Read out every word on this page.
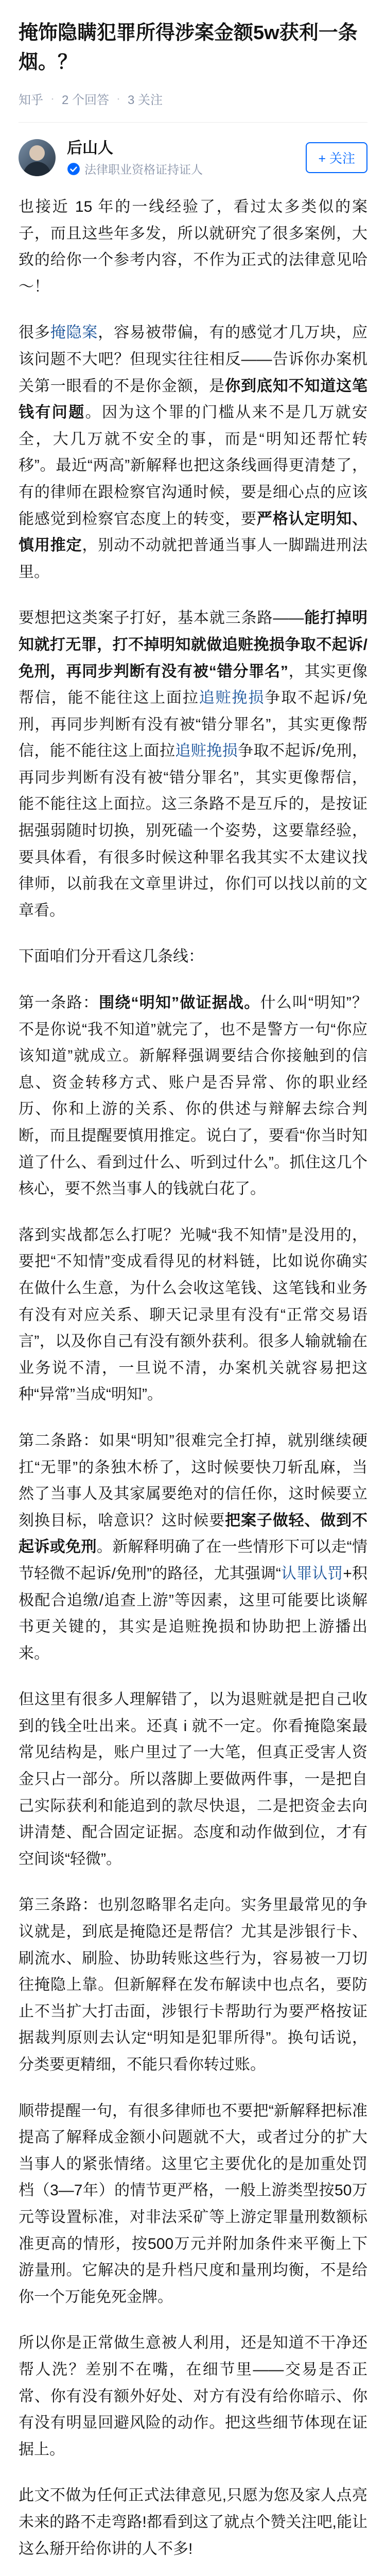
掩饰隐瞒犯罪所得涉案金额5w获利一条烟。？
知乎 · 2 个回答 · 3 关注
后山人
法律职业资格证持证人
+ 关注

也接近 15 年的一线经验了，看过太多类似的案子，而且这些年多发，所以就研究了很多案例，大致的给你一个参考内容，不作为正式的法律意见哈～！

很多掩隐案，容易被带偏，有的感觉才几万块，应该问题不大吧？但现实往往相反——告诉你办案机关第一眼看的不是你金额，是你到底知不知道这笔钱有问题。因为这个罪的门槛从来不是几万就安全，大几万就不安全的事，而是“明知还帮忙转移”。最近“两高”新解释也把这条线画得更清楚了，有的律师在跟检察官沟通时候，要是细心点的应该能感觉到检察官态度上的转变，要严格认定明知、慎用推定，别动不动就把普通当事人一脚踹进刑法里。

要想把这类案子打好，基本就三条路——能打掉明知就打无罪，打不掉明知就做追赃挽损争取不起诉/免刑，再同步判断有没有被“错分罪名”，其实更像帮信，能不能往这上面拉追赃挽损争取不起诉/免刑，再同步判断有没有被“错分罪名”，其实更像帮信，能不能往这上面拉追赃挽损争取不起诉/免刑，再同步判断有没有被“错分罪名”，其实更像帮信，能不能往这上面拉。这三条路不是互斥的，是按证据强弱随时切换，别死磕一个姿势，这要靠经验，要具体看，有很多时候这种罪名我其实不太建议找律师，以前我在文章里讲过，你们可以找以前的文章看。

下面咱们分开看这几条线：

第一条路：围绕“明知”做证据战。什么叫“明知”？不是你说“我不知道”就完了，也不是警方一句“你应该知道”就成立。新解释强调要结合你接触到的信息、资金转移方式、账户是否异常、你的职业经历、你和上游的关系、你的供述与辩解去综合判断，而且提醒要慎用推定。说白了，要看“你当时知道了什么、看到过什么、听到过什么”。抓住这几个核心，要不然当事人的钱就白花了。

落到实战都怎么打呢？光喊“我不知情”是没用的，要把“不知情”变成看得见的材料链，比如说你确实在做什么生意，为什么会收这笔钱、这笔钱和业务有没有对应关系、聊天记录里有没有“正常交易语言”，以及你自己有没有额外获利。很多人输就输在业务说不清，一旦说不清，办案机关就容易把这种“异常”当成“明知”。

第二条路：如果“明知”很难完全打掉，就别继续硬扛“无罪”的条独木桥了，这时候要快刀斩乱麻，当然了当事人及其家属要绝对的信任你，这时候要立刻换目标，啥意识？这时候要把案子做轻、做到不起诉或免刑。新解释明确了在一些情形下可以走“情节轻微不起诉/免刑”的路径，尤其强调“认罪认罚+积极配合追缴/追查上游”等因素，这里可能要比谈解书更关键的，其实是追赃挽损和协助把上游播出来。

但这里有很多人理解错了，以为退赃就是把自己收到的钱全吐出来。还真 i 就不一定。你看掩隐案最常见结构是，账户里过了一大笔，但真正受害人资金只占一部分。所以落脚上要做两件事，一是把自己实际获利和能追到的款尽快退，二是把资金去向讲清楚、配合固定证据。态度和动作做到位，才有空间谈“轻微”。

第三条路：也别忽略罪名走向。实务里最常见的争议就是，到底是掩隐还是帮信？尤其是涉银行卡、刷流水、刷脸、协助转账这些行为，容易被一刀切往掩隐上靠。但新解释在发布解读中也点名，要防止不当扩大打击面，涉银行卡帮助行为要严格按证据裁判原则去认定“明知是犯罪所得”。换句话说，分类要更精细，不能只看你转过账。

顺带提醒一句，有很多律师也不要把“新解释把标准提高了解释成金额小问题就不大，或者过分的扩大当事人的紧张情绪。这里它主要优化的是加重处罚档（3—7年）的情节更严格，一般上游类型按50万元等设置标准，对非法采矿等上游定罪量刑数额标准更高的情形，按500万元并附加条件来平衡上下游量刑。它解决的是升档尺度和量刑均衡，不是给你一个万能免死金牌。

所以你是正常做生意被人利用，还是知道不干净还帮人洗？差别不在嘴，在细节里——交易是否正常、你有没有额外好处、对方有没有给你暗示、你有没有明显回避风险的动作。把这些细节体现在证据上。

此文不做为任何正式法律意见,只愿为您及家人点亮未来的路不走弯路!都看到这了就点个赞关注吧,能让这么掰开给你讲的人不多!
